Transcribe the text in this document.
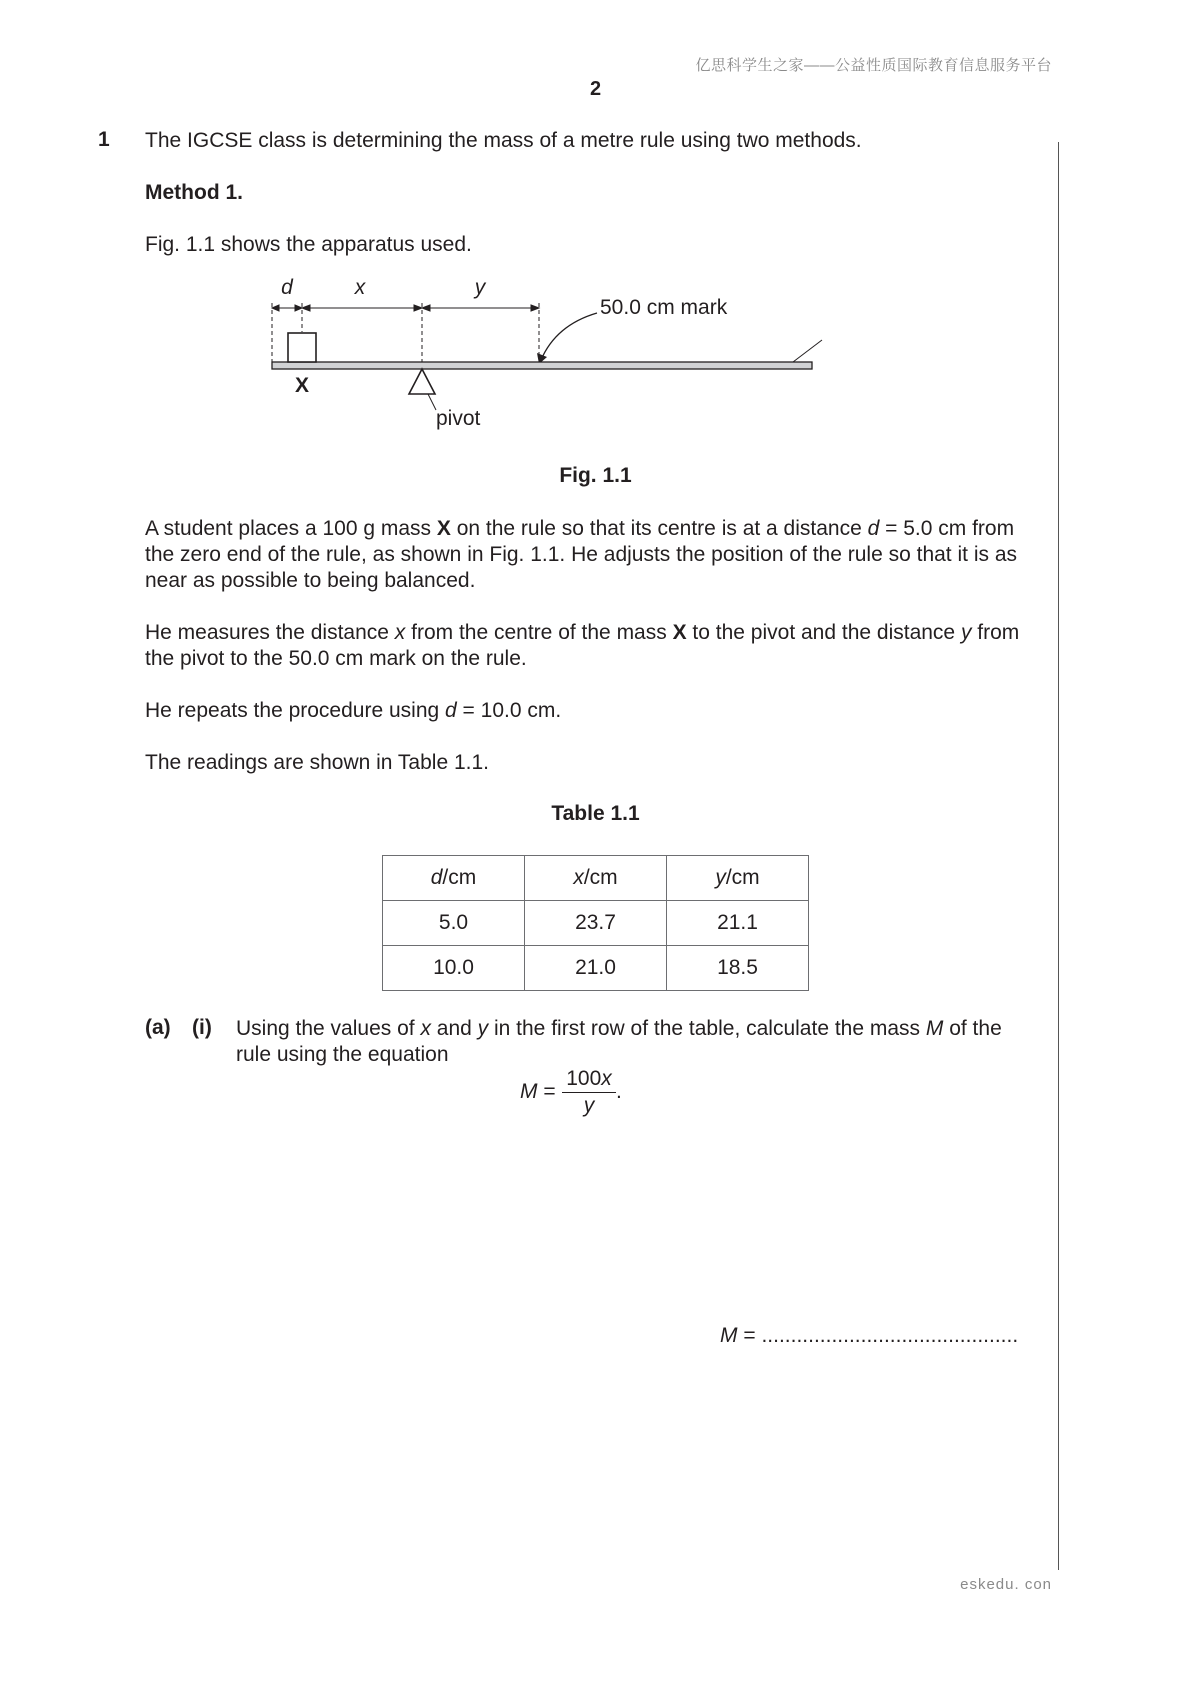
亿思科学生之家——公益性质国际教育信息服务平台
2
1 The IGCSE class is determining the mass of a metre rule using two methods.
Method 1.
Fig. 1.1 shows the apparatus used.
d	x	y
50.0 cm mark
X
pivot
Fig. 1.1
A student places a 100 g mass X on the rule so that its centre is at a distance d = 5.0 cm from the zero end of the rule, as shown in Fig. 1.1. He adjusts the position of the rule so that it is as near as possible to being balanced.
He measures the distance x from the centre of the mass X to the pivot and the distance y from the pivot to the 50.0 cm mark on the rule.
He repeats the procedure using d = 10.0 cm.
The readings are shown in Table 1.1.
Table 1.1
d/cm	x/cm	y/cm
5.0	23.7	21.1
10.0	21.0	18.5
(a) (i) Using the values of x and y in the first row of the table, calculate the mass M of the rule using the equation
$M = \frac{100x}{y}$ .
M = ............................................
eskedu. con
